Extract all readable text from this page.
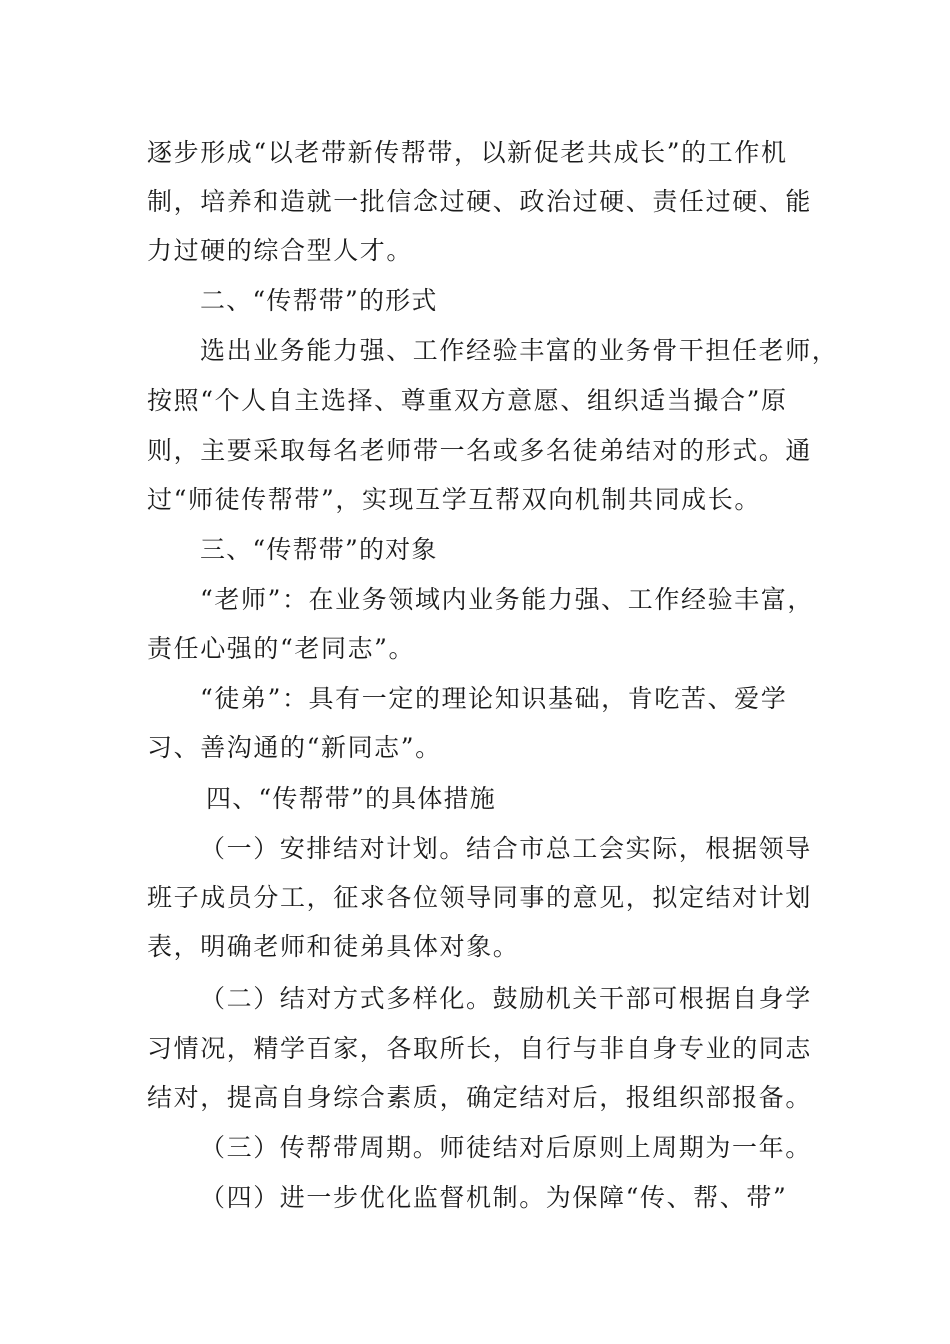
逐步形成“以老带新传帮带，以新促老共成长”的工作机
制，培养和造就一批信念过硬、政治过硬、责任过硬、能
力过硬的综合型人才。
二、“传帮带”的形式
选出业务能力强、工作经验丰富的业务骨干担任老师，
按照“个人自主选择、尊重双方意愿、组织适当撮合”原
则，主要采取每名老师带一名或多名徒弟结对的形式。通
过“师徒传帮带”，实现互学互帮双向机制共同成长。
三、“传帮带”的对象
“老师”：在业务领域内业务能力强、工作经验丰富，
责任心强的“老同志”。
“徒弟”：具有一定的理论知识基础，肯吃苦、爱学
习、善沟通的“新同志”。
四、“传帮带”的具体措施
（一）安排结对计划。结合市总工会实际，根据领导
班子成员分工，征求各位领导同事的意见，拟定结对计划
表，明确老师和徒弟具体对象。
（二）结对方式多样化。鼓励机关干部可根据自身学
习情况，精学百家，各取所长，自行与非自身专业的同志
结对，提高自身综合素质，确定结对后，报组织部报备。
（三）传帮带周期。师徒结对后原则上周期为一年。
（四）进一步优化监督机制。为保障“传、帮、带”
